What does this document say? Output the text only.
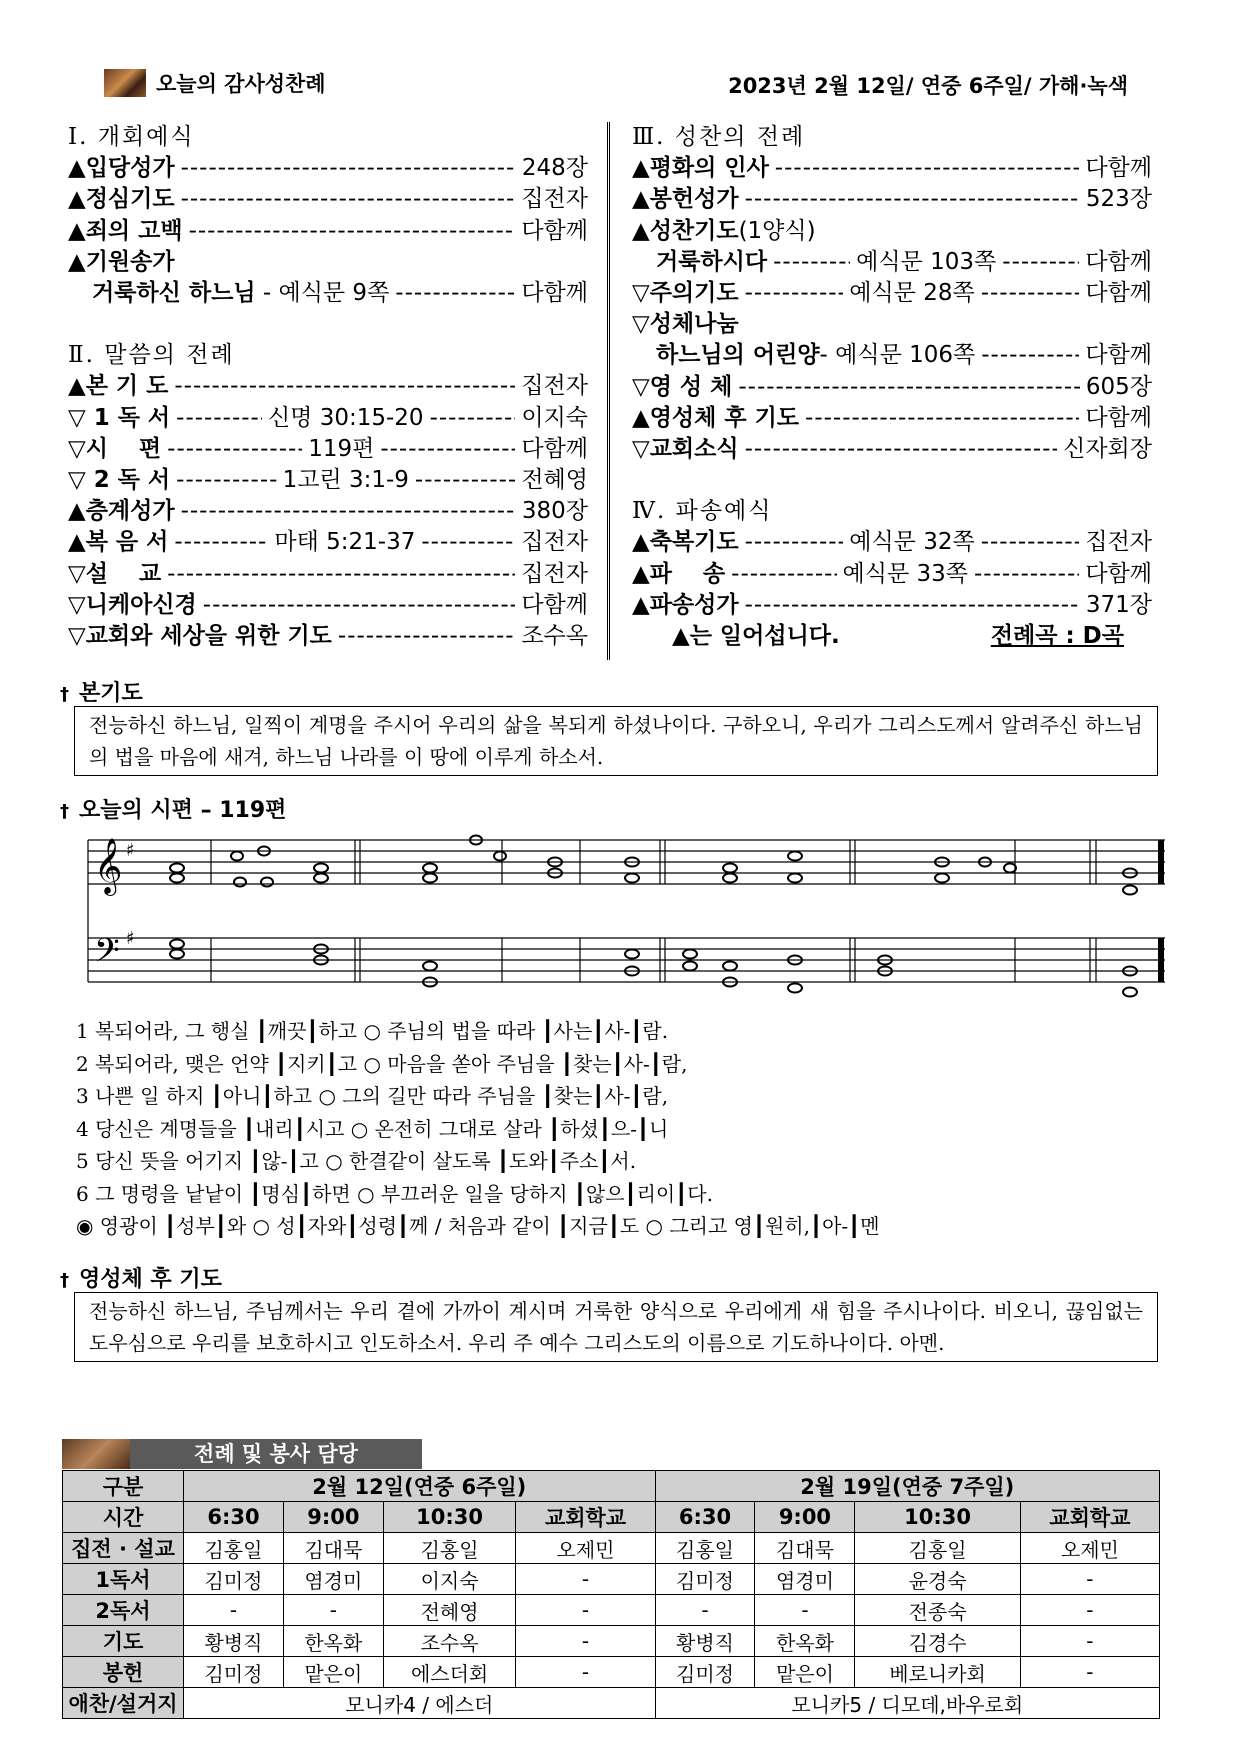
오늘의 감사성찬례	2023년 2월 12일/ 연중 6주일/ 가해·녹색
Ⅰ. 개회예식
▲입당성가 -----	248장
▲정심기도 -----	집전자
▲죄의 고백 -----	다함께
▲기원송가
거룩하신 하느님
- 예식문 9쪽 -----	다함께
Ⅱ. 말씀의 전례
▲본 기 도 -----	집전자
▽ 1 독 서 -----	신명 30:15-20 -----	이지숙
▽시　 편 -----	119편 -----	다함께
▽ 2 독 서 -----	1고린 3:1-9 -----	전혜영
▲층계성가 -----	380장
▲복 음 서 -----	마태 5:21-37 -----	집전자
▽설　 교 -----	집전자
▽니케아신경 -----	다함께
▽교회와 세상을 위한 기도 -----	조수옥
Ⅲ. 성찬의 전례
▲평화의 인사 -----	다함께
▲봉헌성가 -----	523장
▲성찬기도 (1양식)
거룩하시다 -----	예식문 103쪽 -----	다함께
▽주의기도 -----	예식문 28쪽 -----	다함께
▽성체나눔
하느님의 어린양 - 예식문 106쪽 -----	다함께
▽영 성 체 -----	605장
▲영성체 후 기도 -----	다함께
▽교회소식 -----	신자회장
Ⅳ. 파송예식
▲축복기도 -----	예식문 32쪽 -----	집전자
▲파　 송 -----	예식문 33쪽 -----	다함께
▲파송성가 -----	371장
▲는 일어섭니다.	전례곡 : D곡
† 본기도
전능하신 하느님, 일찍이 계명을 주시어 우리의 삶을 복되게 하셨나이다. 구하오니, 우리가 그리스도께서 알려주신 하느님의 법을 마음에 새겨, 하느님 나라를 이 땅에 이루게 하소서.
† 오늘의 시편 – 119편
𝄞
𝄢
♯
♯
1 복되어라, 그 행실 ┃깨끗┃하고 ○ 주님의 법을 따라 ┃사는┃사-┃람.
2 복되어라, 맺은 언약 ┃지키┃고 ○ 마음을 쏟아 주님을 ┃찾는┃사-┃람,
3 나쁜 일 하지 ┃아니┃하고 ○ 그의 길만 따라 주님을 ┃찾는┃사-┃람,
4 당신은 계명들을 ┃내리┃시고 ○ 온전히 그대로 살라 ┃하셨┃으-┃니
5 당신 뜻을 어기지 ┃않-┃고 ○ 한결같이 살도록 ┃도와┃주소┃서.
6 그 명령을 낱낱이 ┃명심┃하면 ○ 부끄러운 일을 당하지 ┃않으┃리이┃다.
◉ 영광이 ┃성부┃와 ○ 성┃자와┃성령┃께 / 처음과 같이 ┃지금┃도 ○ 그리고 영┃원히,┃아-┃멘
† 영성체 후 기도
전능하신 하느님, 주님께서는 우리 곁에 가까이 계시며 거룩한 양식으로 우리에게 새 힘을 주시나이다. 비오니, 끊임없는 도우심으로 우리를 보호하시고 인도하소서. 우리 주 예수 그리스도의 이름으로 기도하나이다. 아멘.
전례 및 봉사 담당
구분	2월 12일(연중 6주일)				2월 19일(연중 7주일)			
시간	6:30	9:00	10:30	교회학교	6:30	9:00	10:30	교회학교
집전 · 설교	김홍일	김대묵	김홍일	오제민	김홍일	김대묵	김홍일	오제민
1독서	김미정	염경미	이지숙	-	김미정	염경미	윤경숙	-
2독서	-	-	전혜영	-	-	-	전종숙	-
기도	황병직	한옥화	조수옥	-	황병직	한옥화	김경수	-
봉헌	김미정	맡은이	에스더회	-	김미정	맡은이	베로니카회	-
애찬/설거지	모니카4 / 에스더				모니카5 / 디모데,바우로회			
